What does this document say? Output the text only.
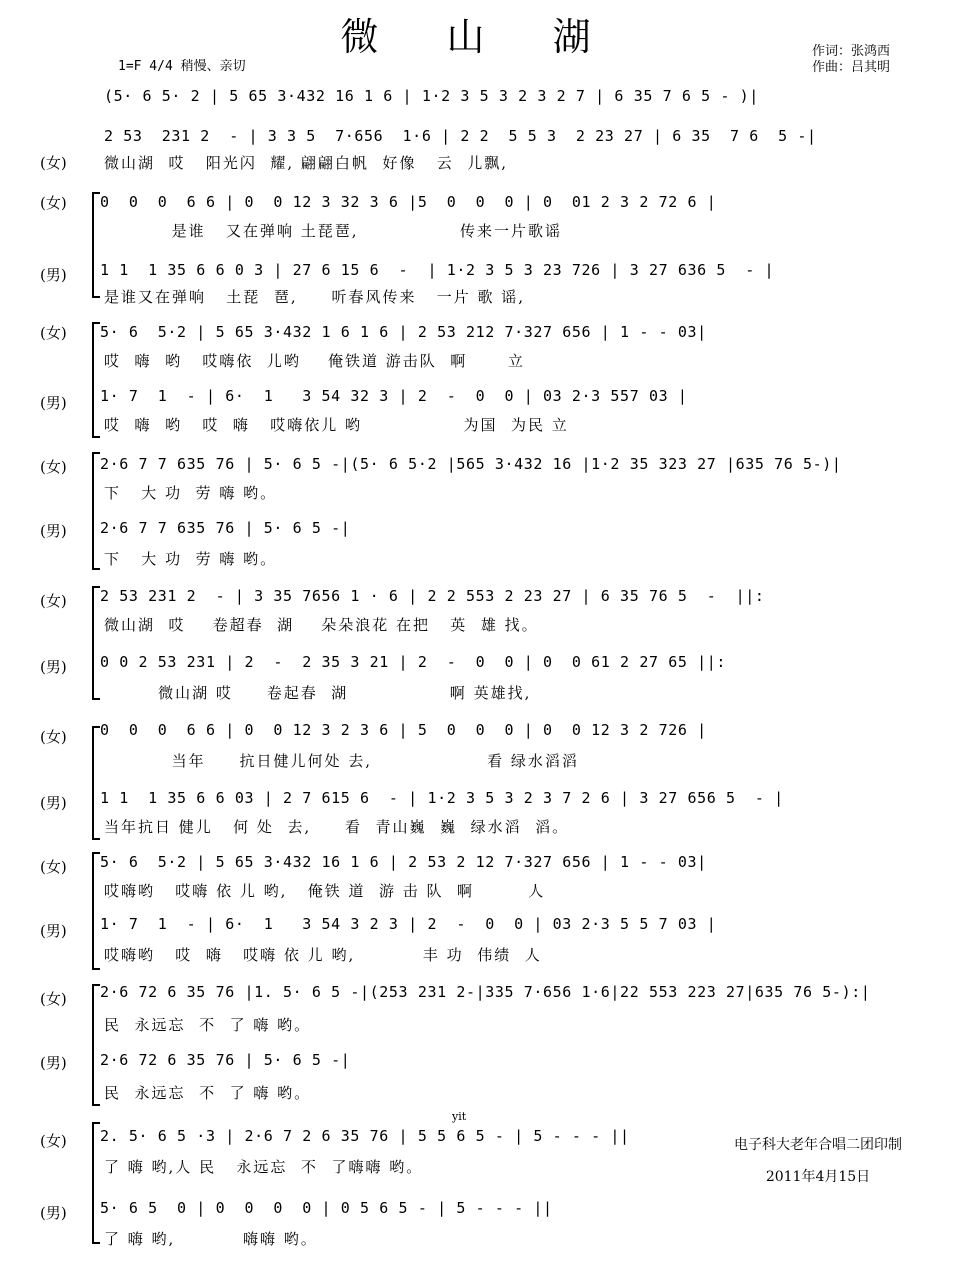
微 山 湖
1=F 4/4 稍慢、亲切
作词：张鸿西
作曲：吕其明
(5· 6 5· 2 | 5 65 3·432 16 1 6 | 1·2 3 5 3 2 3 2 7 | 6 35 7 6 5 - )|
2 53  231 2  - | 3 3 5  7·656  1·6 | 2 2  5 5 3  2 23 27 | 6 35  7 6  5 -|
(女) 微山湖  哎   阳光闪  耀, 翩翩白帆  好像   云  儿飘,
(女) 0  0  0  6 6 | 0  0 12 3 32 3 6 |5  0  0  0 | 0  01 2 3 2 72 6 |
是谁   又在弹响 土琵琶,               传来一片歌谣
(男) 1 1  1 35 6 6 0 3 | 27 6 15 6  -  | 1·2 3 5 3 23 726 | 3 27 636 5  - |
是谁又在弹响   土琵  琶,     听春风传来   一片 歌 谣,
(女) 5· 6  5·2 | 5 65 3·432 1 6 1 6 | 2 53 212 7·327 656 | 1 - - 03|
哎  嗨  哟   哎嗨依  儿哟    俺铁道 游击队  啊      立
(男) 1· 7  1  - | 6·  1   3 54 32 3 | 2  -  0  0 | 03 2·3 557 03 |
哎  嗨  哟   哎  嗨   哎嗨依儿 哟               为国  为民 立
(女) 2·6 7 7 635 76 | 5· 6 5 -|(5· 6 5·2 |565 3·432 16 |1·2 35 323 27 |635 76 5-)|
下   大 功  劳 嗨 哟。
(男) 2·6 7 7 635 76 | 5· 6 5 -|
下   大 功  劳 嗨 哟。
(女) 2 53 231 2  - | 3 35 7656 1 · 6 | 2 2 553 2 23 27 | 6 35 76 5  -  ||:
微山湖  哎    卷超春  湖    朵朵浪花 在把   英  雄 找。
(男) 0 0 2 53 231 | 2  -  2 35 3 21 | 2  -  0  0 | 0  0 61 2 27 65 ||:
微山湖 哎     卷起春  湖               啊 英雄找,
(女) 0  0  0  6 6 | 0  0 12 3 2 3 6 | 5  0  0  0 | 0  0 12 3 2 726 |
当年     抗日健儿何处 去,                 看 绿水滔滔
(男) 1 1  1 35 6 6 03 | 2 7 615 6  - | 1·2 3 5 3 2 3 7 2 6 | 3 27 656 5  - |
当年抗日 健儿   何 处  去,     看  青山巍  巍  绿水滔  滔。
(女) 5· 6  5·2 | 5 65 3·432 16 1 6 | 2 53 2 12 7·327 656 | 1 - - 03|
哎嗨哟   哎嗨 依 儿 哟,   俺铁 道  游 击 队  啊        人
(男) 1· 7  1  - | 6·  1   3 54 3 2 3 | 2  -  0  0 | 03 2·3 5 5 7 03 |
哎嗨哟   哎  嗨   哎嗨 依 儿 哟,          丰 功  伟绩  人
(女) 2·6 72 6 35 76 |1. 5· 6 5 -|(253 231 2-|335 7·656 1·6|22 553 223 27|635 76 5-):|
民  永远忘  不  了 嗨 哟。
(男) 2·6 72 6 35 76 | 5· 6 5 -|
民  永远忘  不  了 嗨 哟。
(女) 2. 5· 6 5 ·3 | 2·6 7 2 6 35 76 | 5 5 6 5 - | 5 - - - ||
yit
了 嗨 哟,人 民   永远忘  不  了嗨嗨 哟。
(男) 5· 6 5  0 | 0  0  0  0 | 0 5 6 5 - | 5 - - - ||
了 嗨 哟,          嗨嗨 哟。
电子科大老年合唱二团印制
2011年4月15日
